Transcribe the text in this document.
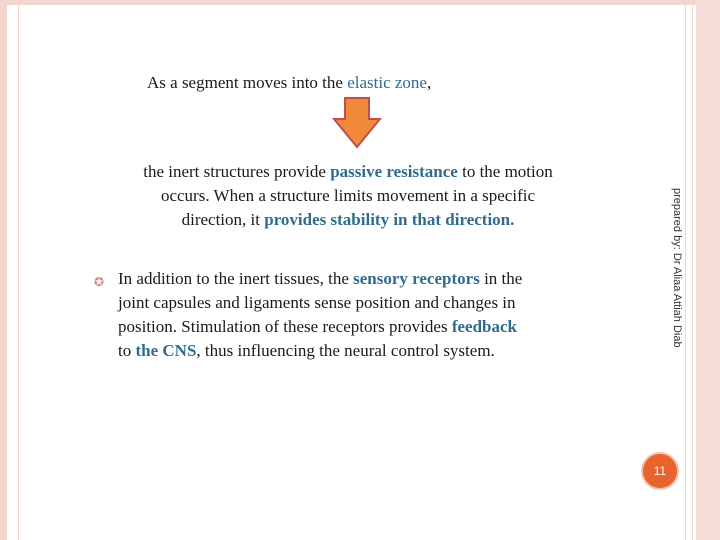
As a segment moves into the elastic zone,
the inert structures provide passive resistance to the motion
occurs. When a structure limits movement in a specific
direction, it provides stability in that direction.
✪ In addition to the inert tissues, the sensory receptors in the
joint capsules and ligaments sense position and changes in
position. Stimulation of these receptors provides feedback
to the CNS, thus influencing the neural control system.
prepared by: Dr Aliaa Attiah Diab
11
